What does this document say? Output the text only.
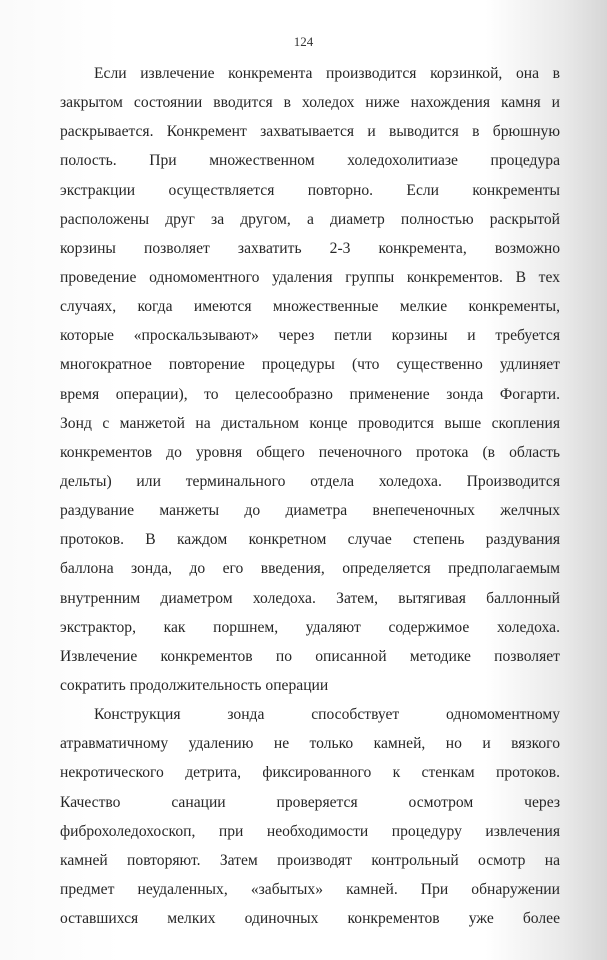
124
Если извлечение конкремента производится корзинкой, она в
закрытом состоянии вводится в холедох ниже нахождения камня и
раскрывается. Конкремент захватывается и выводится в брюшную
полость. При множественном холедохолитиазе процедура
экстракции осуществляется повторно. Если конкременты
расположены друг за другом, а диаметр полностью раскрытой
корзины позволяет захватить 2-3 конкремента, возможно
проведение одномоментного удаления группы конкрементов. В тех
случаях, когда имеются множественные мелкие конкременты,
которые «проскальзывают» через петли корзины и требуется
многократное повторение процедуры (что существенно удлиняет
время операции), то целесообразно применение зонда Фогарти.
Зонд с манжетой на дистальном конце проводится выше скопления
конкрементов до уровня общего печеночного протока (в область
дельты) или терминального отдела холедоха. Производится
раздувание манжеты до диаметра внепеченочных желчных
протоков. В каждом конкретном случае степень раздувания
баллона зонда, до его введения, определяется предполагаемым
внутренним диаметром холедоха. Затем, вытягивая баллонный
экстрактор, как поршнем, удаляют содержимое холедоха.
Извлечение конкрементов по описанной методике позволяет
сократить продолжительность операции
Конструкция зонда способствует одномоментному
атравматичному удалению не только камней, но и вязкого
некротического детрита, фиксированного к стенкам протоков.
Качество санации проверяется осмотром через
фиброхоледохоскоп, при необходимости процедуру извлечения
камней повторяют. Затем производят контрольный осмотр на
предмет неудаленных, «забытых» камней. При обнаружении
оставшихся мелких одиночных конкрементов уже более
